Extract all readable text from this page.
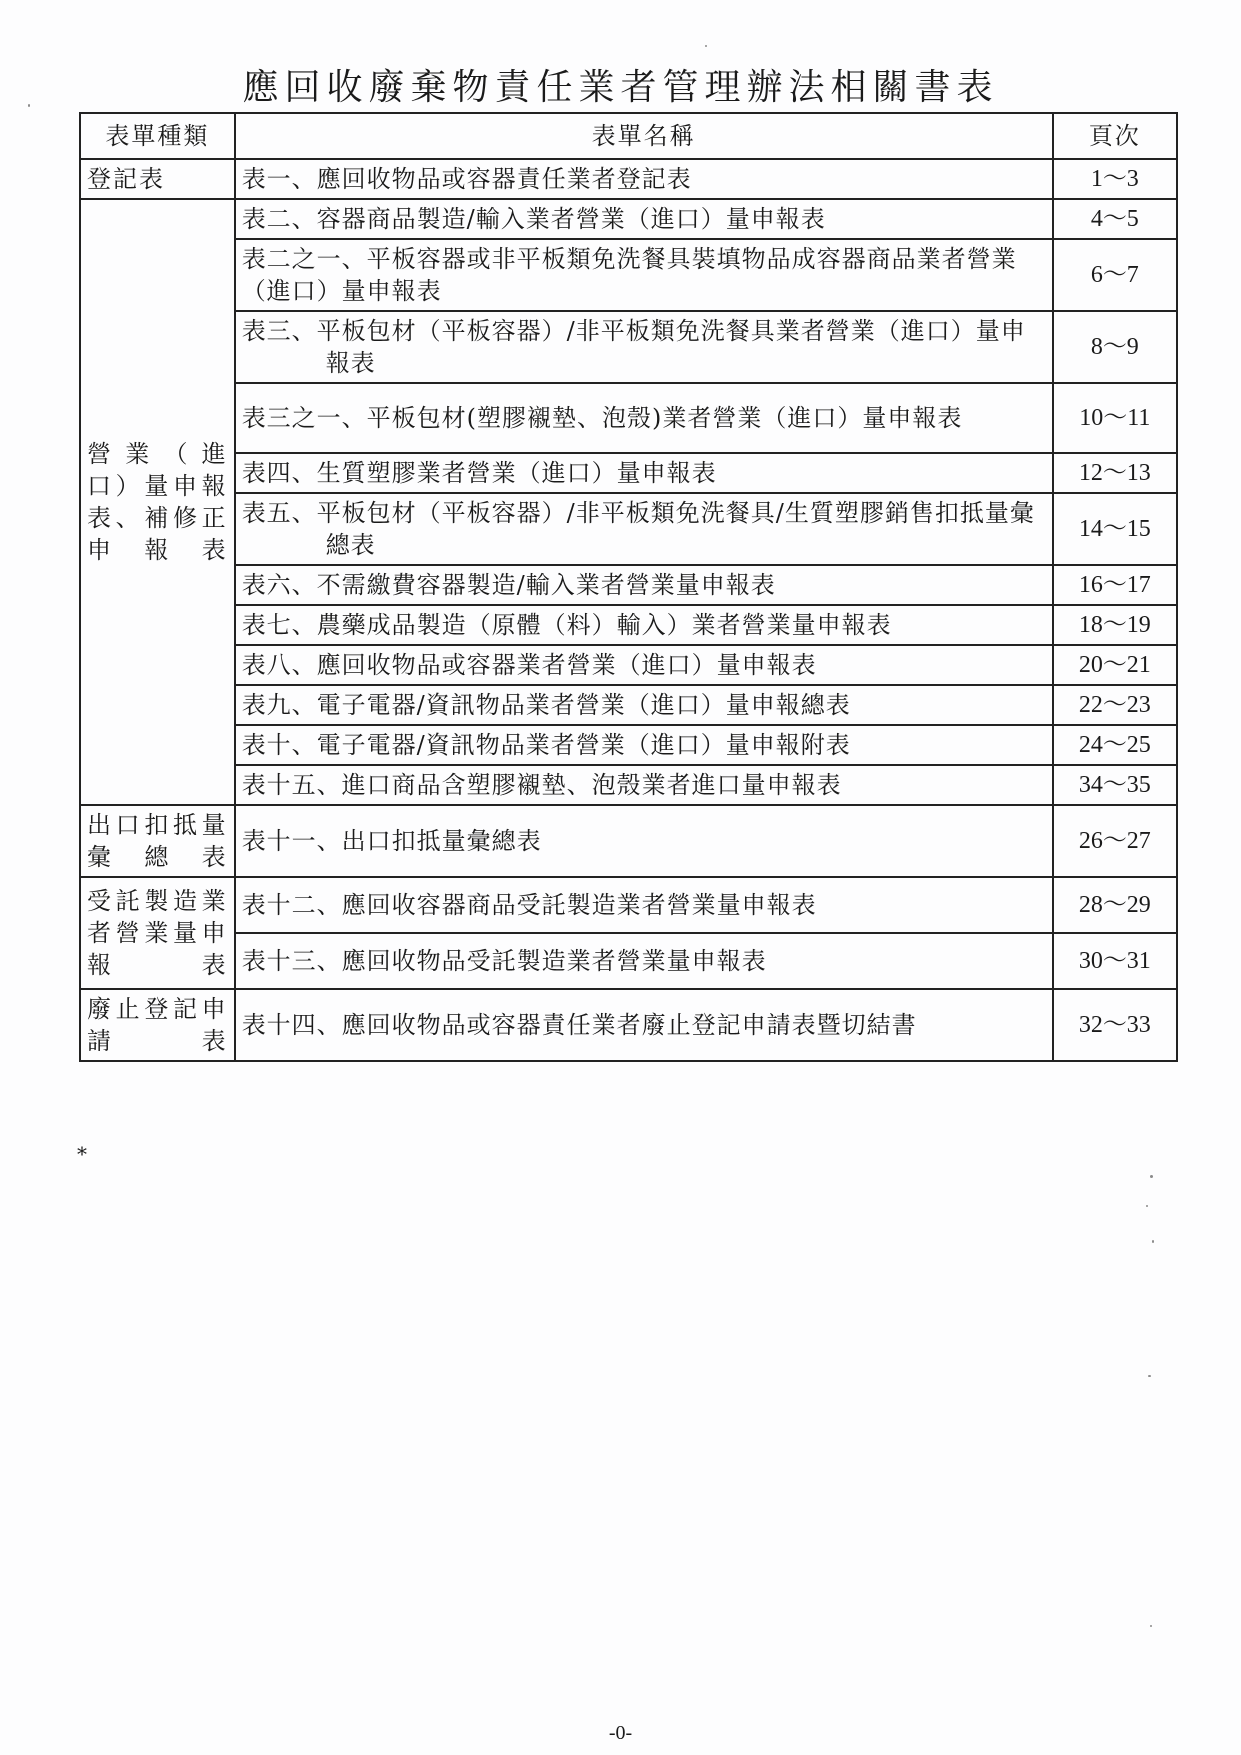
應回收廢棄物責任業者管理辦法相關書表
表單種類	表單名稱	頁次
登記表	表一、應回收物品或容器責任業者登記表	1～3
營業（進口）量申報表、補修正申報表	表二、容器商品製造/輸入業者營業（進口）量申報表	4～5
	表二之一、平板容器或非平板類免洗餐具裝填物品成容器商品業者營業（進口）量申報表	6～7
	表三、平板包材（平板容器）/非平板類免洗餐具業者營業（進口）量申報表	8～9
	表三之一、平板包材(塑膠襯墊、泡殼)業者營業（進口）量申報表	10～11
	表四、生質塑膠業者營業（進口）量申報表	12～13
	表五、平板包材（平板容器）/非平板類免洗餐具/生質塑膠銷售扣抵量彙總表	14～15
	表六、不需繳費容器製造/輸入業者營業量申報表	16～17
	表七、農藥成品製造（原體（料）輸入）業者營業量申報表	18～19
	表八、應回收物品或容器業者營業（進口）量申報表	20～21
	表九、電子電器/資訊物品業者營業（進口）量申報總表	22～23
	表十、電子電器/資訊物品業者營業（進口）量申報附表	24～25
	表十五、進口商品含塑膠襯墊、泡殼業者進口量申報表	34～35
出口扣抵量彙總表	表十一、出口扣抵量彙總表	26～27
受託製造業者營業量申報表	表十二、應回收容器商品受託製造業者營業量申報表	28～29
	表十三、應回收物品受託製造業者營業量申報表	30～31
廢止登記申請表	表十四、應回收物品或容器責任業者廢止登記申請表暨切結書	32～33
*
-0-
